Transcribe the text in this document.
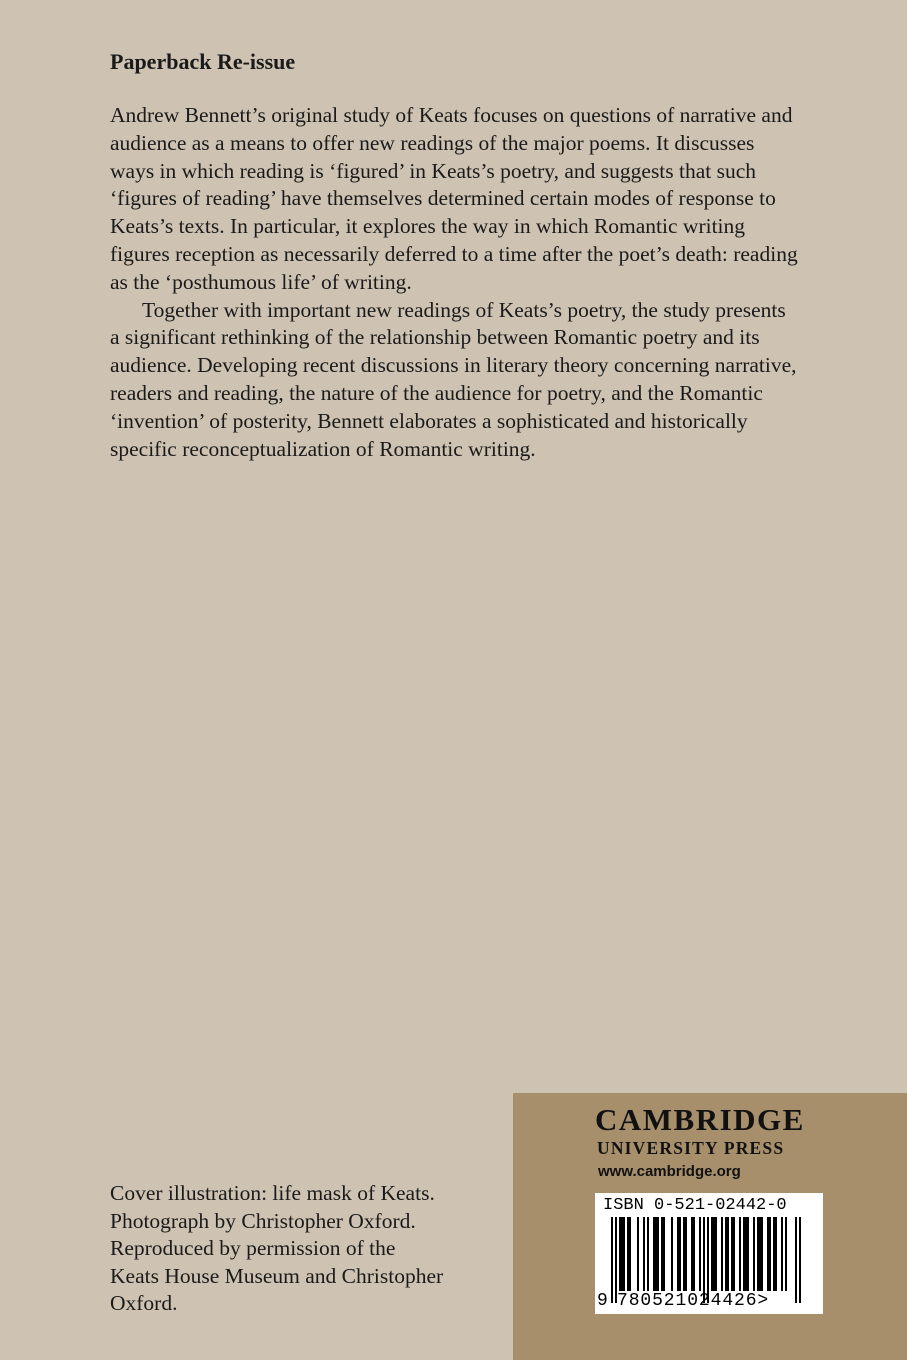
Paperback Re-issue

Andrew Bennett’s original study of Keats focuses on questions of narrative and audience as a means to offer new readings of the major poems. It discusses ways in which reading is ‘figured’ in Keats’s poetry, and suggests that such ‘figures of reading’ have themselves determined certain modes of response to Keats’s texts. In particular, it explores the way in which Romantic writing figures reception as necessarily deferred to a time after the poet’s death: reading as the ‘posthumous life’ of writing.

Together with important new readings of Keats’s poetry, the study presents a significant rethinking of the relationship between Romantic poetry and its audience. Developing recent discussions in literary theory concerning narrative, readers and reading, the nature of the audience for poetry, and the Romantic ‘invention’ of posterity, Bennett elaborates a sophisticated and historically specific reconceptualization of Romantic writing.

Cover illustration: life mask of Keats.
Photograph by Christopher Oxford.
Reproduced by permission of the
Keats House Museum and Christopher
Oxford.
CAMBRIDGE
UNIVERSITY PRESS
www.cambridge.org
ISBN 0-521-02442-0
9 780521024426>
